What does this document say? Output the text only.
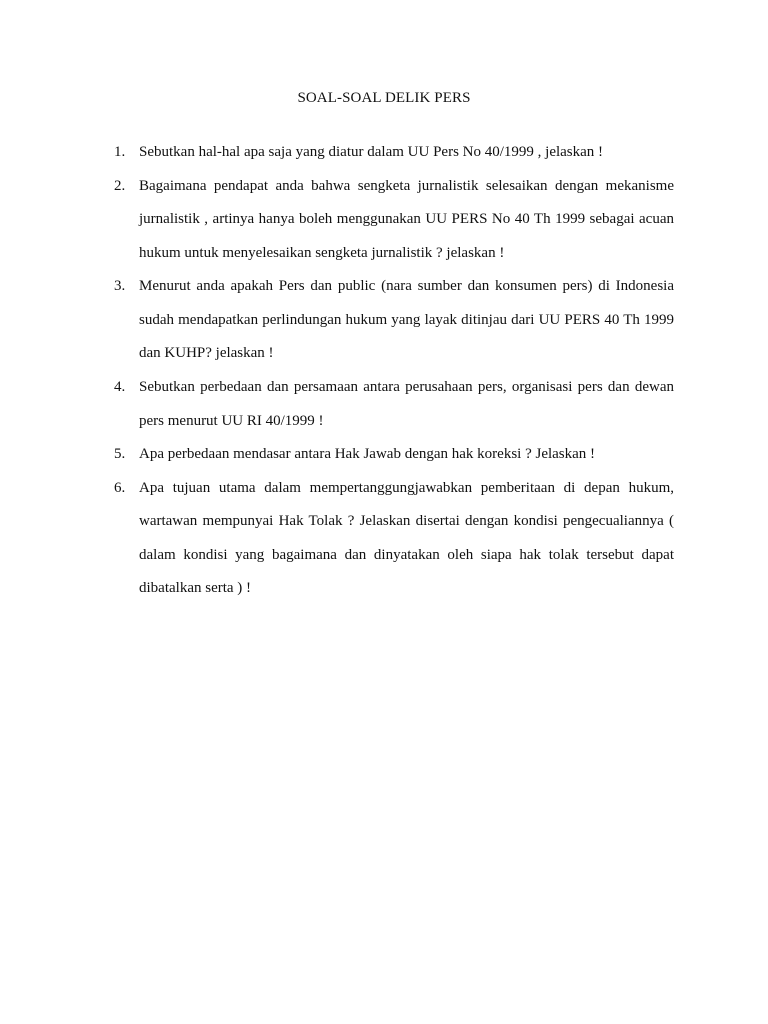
SOAL-SOAL DELIK PERS
1. Sebutkan hal-hal apa saja yang diatur dalam UU Pers No 40/1999 , jelaskan !
2. Bagaimana pendapat anda bahwa sengketa jurnalistik selesaikan dengan mekanisme jurnalistik , artinya hanya boleh menggunakan UU PERS No 40 Th 1999 sebagai acuan hukum untuk menyelesaikan sengketa jurnalistik ? jelaskan !
3. Menurut anda apakah Pers dan public (nara sumber dan konsumen pers) di Indonesia sudah mendapatkan perlindungan hukum yang layak ditinjau dari UU PERS 40 Th 1999 dan KUHP? jelaskan !
4. Sebutkan perbedaan dan persamaan antara perusahaan pers, organisasi pers dan dewan pers menurut UU RI 40/1999 !
5. Apa perbedaan mendasar antara Hak Jawab dengan hak koreksi ? Jelaskan !
6. Apa tujuan utama dalam mempertanggungjawabkan pemberitaan di depan hukum, wartawan mempunyai Hak Tolak ? Jelaskan disertai dengan kondisi pengecualiannya ( dalam kondisi yang bagaimana dan dinyatakan oleh siapa hak tolak tersebut dapat dibatalkan serta ) !
